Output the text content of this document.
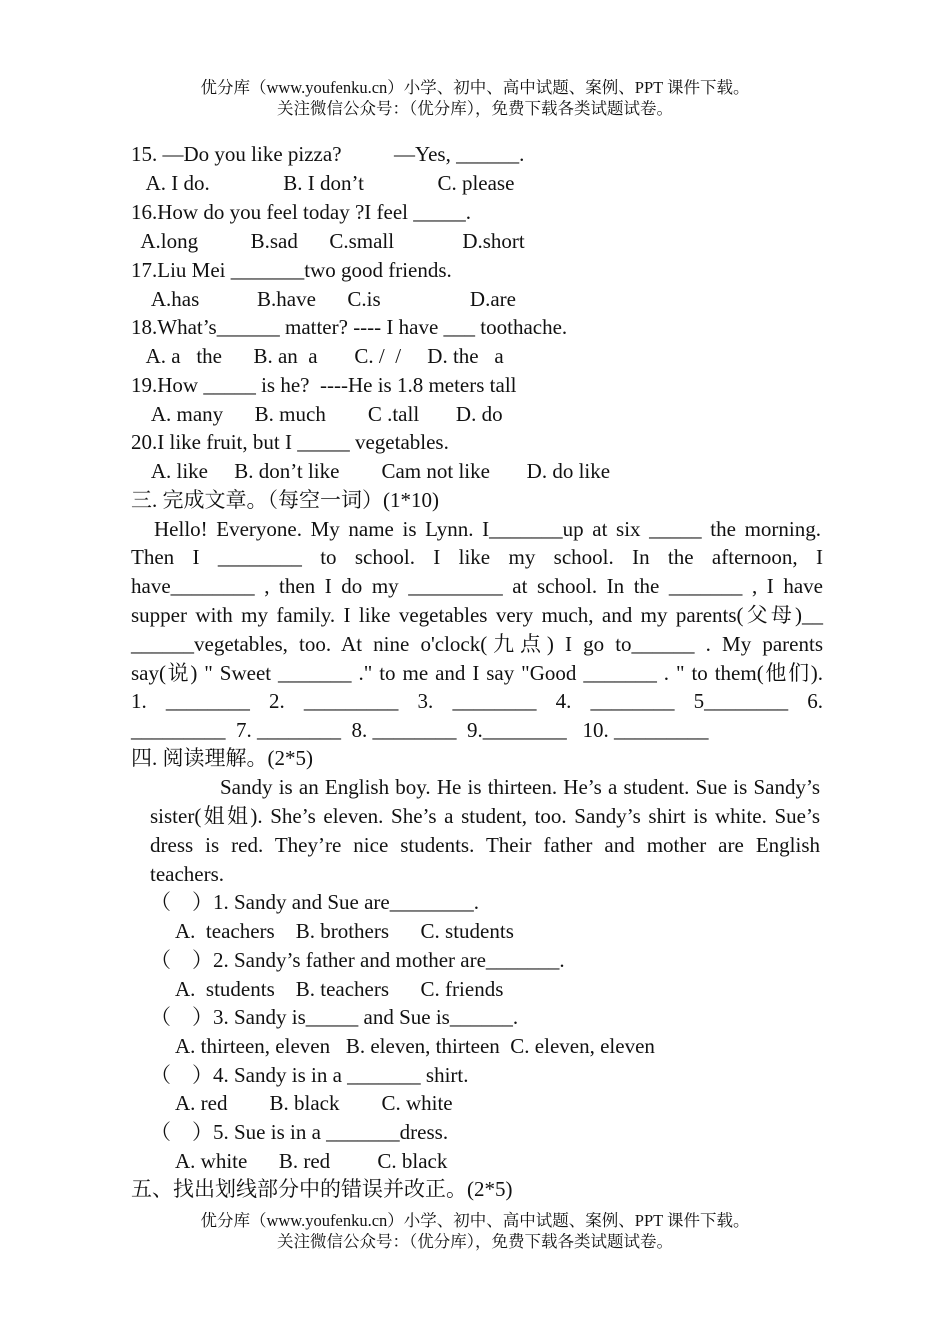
优分库（www.youfenku.cn）小学、初中、高中试题、案例、PPT 课件下载。
关注微信公众号：（优分库），免费下载各类试题试卷。
15. —Do you like pizza?          —Yes, ______.
A. I do.              B. I don’t              C. please
16.How do you feel today ?I feel _____.
A.long          B.sad      C.small             D.short
17.Liu Mei _______two good friends.
A.has           B.have      C.is                 D.are
18.What’s______ matter? ---- I have ___ toothache.
A. a   the      B. an  a       C. /  /     D. the   a
19.How _____ is he?  ----He is 1.8 meters tall
A. many      B. much        C .tall       D. do
20.I like fruit, but I _____ vegetables.
A. like     B. don’t like        Cam not like       D. do like
三. 完成文章。（每空一词）(1*10)
Hello! Everyone. My name is Lynn. I_______up at six _____ the morning.
Then I ________ to school. I like my school. In the afternoon, I
have________ , then I do my _________ at school. In the _______ , I have
supper with my family. I like vegetables very much, and my parents(父母)__
______vegetables, too. At nine o'clock(九点) I go to______ . My parents
say(说) " Sweet _______ ." to me and I say "Good _______ . " to them(他们).
1. ________ 2. _________ 3. ________ 4. ________ 5________ 6.
_________  7. ________  8. ________  9.________   10. _________
四. 阅读理解。(2*5)
Sandy is an English boy. He is thirteen. He’s a student. Sue is Sandy’s sister(姐姐). She’s eleven. She’s a student, too. Sandy’s shirt is white. Sue’s dress is red. They’re nice students. Their father and mother are English teachers.
（    ）1. Sandy and Sue are________.
A.  teachers    B. brothers      C. students
（    ）2. Sandy’s father and mother are_______.
A.  students    B. teachers      C. friends
（    ）3. Sandy is_____ and Sue is______.
A. thirteen, eleven   B. eleven, thirteen  C. eleven, eleven
（    ）4. Sandy is in a _______ shirt.
A. red        B. black        C. white
（    ）5. Sue is in a _______dress.
A. white      B. red         C. black
五、找出划线部分中的错误并改正。(2*5)
优分库（www.youfenku.cn）小学、初中、高中试题、案例、PPT 课件下载。
关注微信公众号：（优分库），免费下载各类试题试卷。
